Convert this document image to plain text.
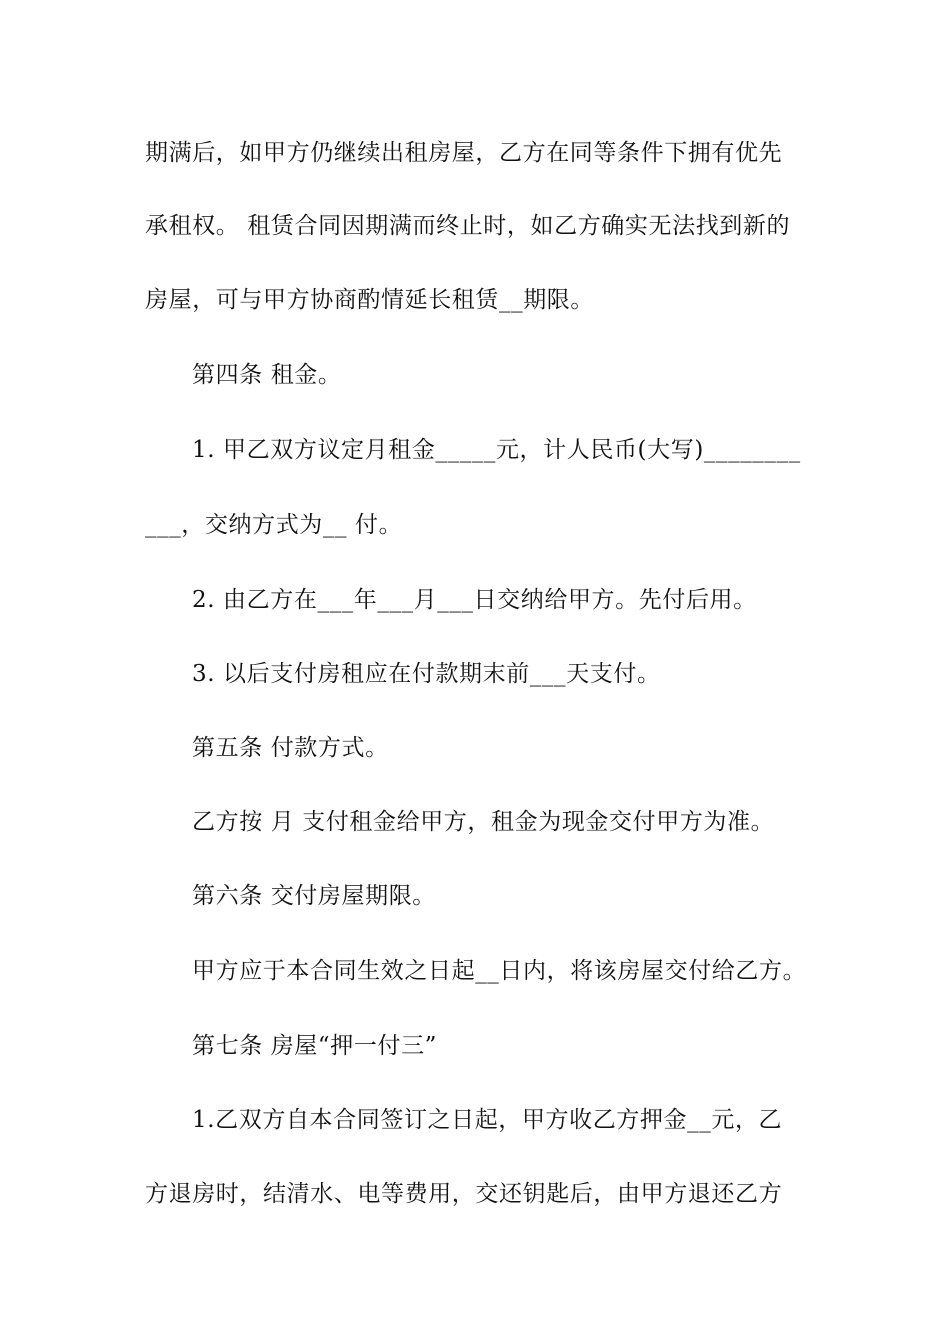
期满后，如甲方仍继续出租房屋，乙方在同等条件下拥有优先
承租权。 租赁合同因期满而终止时，如乙方确实无法找到新的
房屋，可与甲方协商酌情延长租赁__期限。
第四条 租金。
1. 甲乙双方议定月租金_____元，计人民币(大写)________
___，交纳方式为__ 付。
2. 由乙方在___年___月___日交纳给甲方。先付后用。
3. 以后支付房租应在付款期末前___天支付。
第五条 付款方式。
乙方按 月 支付租金给甲方，租金为现金交付甲方为准。
第六条 交付房屋期限。
甲方应于本合同生效之日起__日内，将该房屋交付给乙方。
第七条 房屋“押一付三”
1.乙双方自本合同签订之日起，甲方收乙方押金__元，乙
方退房时，结清水、电等费用，交还钥匙后，由甲方退还乙方
